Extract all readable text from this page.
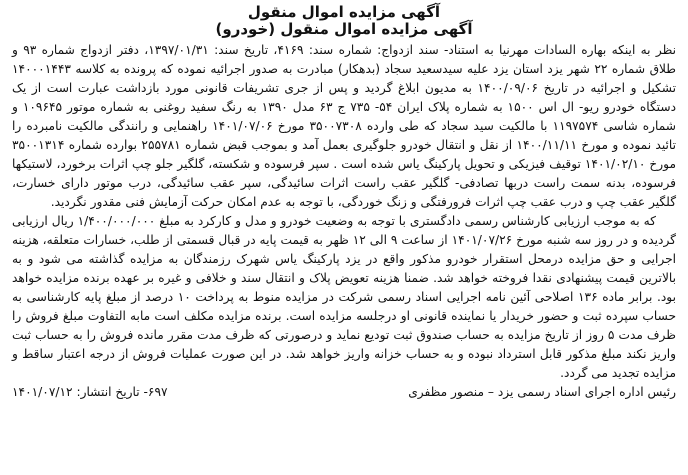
آگهی مزایده اموال منقول
آگهی مزایده اموال منقول (خودرو)

نظر به اینکه بهاره السادات مهرنیا به استناد- سند ازدواج: شماره سند: ۴۱۶۹، تاریخ سند: ۱۳۹۷/۰۱/۳۱، دفتر ازدواج شماره ۹۳ و طلاق شماره ۲۲ شهر یزد استان یزد علیه سیدسعید سجاد (بدهکار) مبادرت به صدور اجرائیه نموده که پرونده به کلاسه ۱۴۰۰۰۱۴۴۳ تشکیل و اجرائیه در تاریخ ۱۴۰۰/۰۹/۰۶ به مدیون ابلاغ گردید و پس از جری تشریفات قانونی مورد بازداشت عبارت است از یک دستگاه خودرو ریو- ال اس ۱۵۰۰ به شماره پلاک ایران ۵۴- ۷۳۵ ج ۶۳ مدل ۱۳۹۰ به رنگ سفید روغنی به شماره موتور ۱۰۹۶۴۵ و شماره شاسی ۱۱۹۷۵۷۴ با مالکیت سید سجاد که طی وارده ۳۵۰۰۷۳۰۸ مورخ ۱۴۰۱/۰۷/۰۶ راهنمایی و رانندگی مالکیت نامبرده را تائید نموده و مورخ ۱۴۰۰/۱۱/۱۱ از نقل و انتقال خودرو جلوگیری بعمل آمد و بموجب قبض شماره ۲۵۵۷۸۱ بوارده شماره ۳۵۰۰۱۳۱۴ مورخ ۱۴۰۱/۰۲/۱۰ توقیف فیزیکی و تحویل پارکینگ یاس شده است . سپر فرسوده و شکسته، گلگیر جلو چپ اثرات برخورد، لاستیکها فرسوده، بدنه سمت راست دربها تصادفی- گلگیر عقب راست اثرات سائیدگی، سپر عقب سائیدگی، درب موتور دارای خسارت، گلگیر عقب چپ و درب عقب چپ اثرات فرورفتگی و زنگ خوردگی، با توجه به عدم امکان حرکت آزمایش فنی مقدور نگردید.

که به موجب ارزیابی کارشناس رسمی دادگستری با توجه به وضعیت خودرو و مدل و کارکرد به مبلغ ۱/۴۰۰/۰۰۰/۰۰۰ ریال ارزیابی گردیده و در روز سه شنبه مورخ ۱۴۰۱/۰۷/۲۶ از ساعت ۹ الی ۱۲ ظهر به قیمت پایه در قبال قسمتی از طلب، خسارات متعلقه، هزینه اجرایی و حق مزایده درمحل استقرار خودرو مذکور واقع در یزد پارکینگ یاس شهرک رزمندگان به مزایده گذاشته می شود و به بالاترین قیمت پیشنهادی نقدا فروخته خواهد شد. ضمنا هزینه تعویض پلاک و انتقال سند و خلافی و غیره بر عهده برنده مزایده خواهد بود. برابر ماده ۱۳۶ اصلاحی آئین نامه اجرایی اسناد رسمی شرکت در مزایده منوط به پرداخت ۱۰ درصد از مبلغ پایه کارشناسی به حساب سپرده ثبت و حضور خریدار یا نماینده قانونی او درجلسه مزایده است. برنده مزایده مکلف است مابه التفاوت مبلغ فروش را ظرف مدت ۵ روز از تاریخ مزایده به حساب صندوق ثبت تودیع نماید و درصورتی که ظرف مدت مقرر مانده فروش را به حساب ثبت واریز نکند مبلغ مذکور قابل استرداد نبوده و به حساب خزانه واریز خواهد شد. در این صورت عملیات فروش از درجه اعتبار ساقط و مزایده تجدید می گردد.

رئیس اداره اجرای اسناد رسمی یزد – منصور مظفری
۶۹۷- تاریخ انتشار: ۱۴۰۱/۰۷/۱۲
